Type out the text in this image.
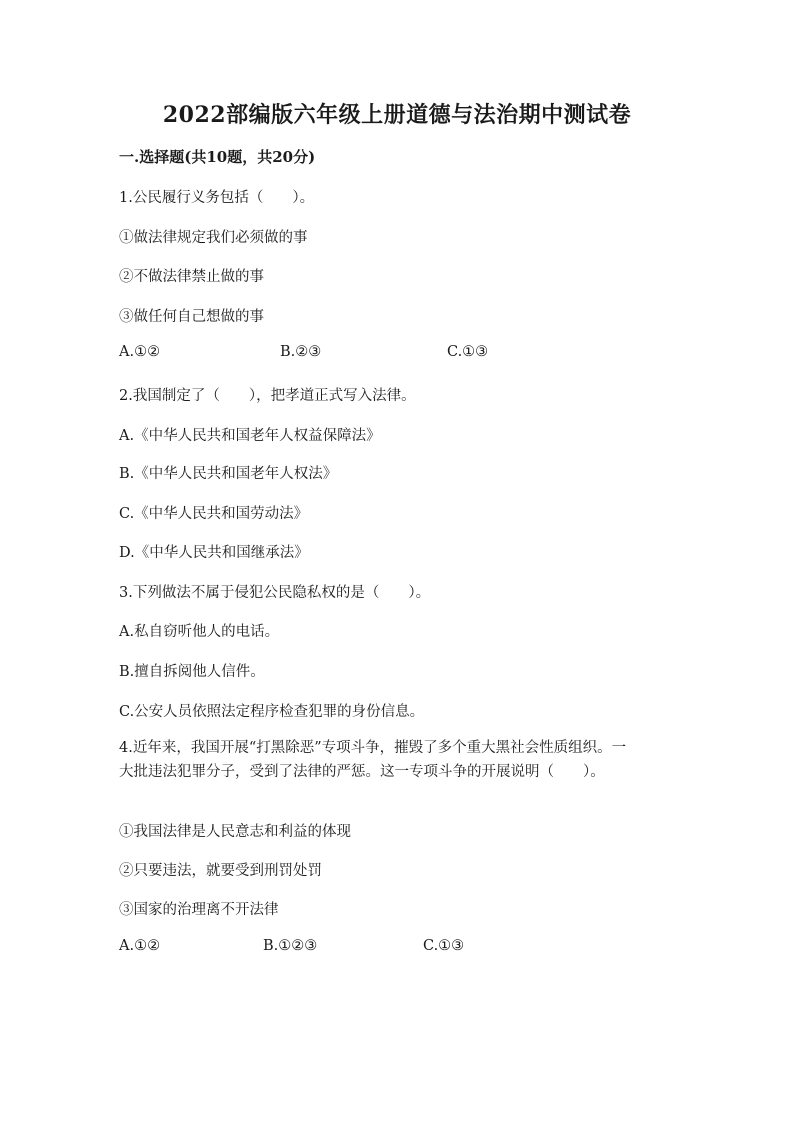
2022部编版六年级上册道德与法治期中测试卷
一.选择题(共10题，共20分)
1.公民履行义务包括（　　）。
①做法律规定我们必须做的事
②不做法律禁止做的事
③做任何自己想做的事
A.①②	B.②③	C.①③
2.我国制定了（　　），把孝道正式写入法律。
A.《中华人民共和国老年人权益保障法》
B.《中华人民共和国老年人权法》
C.《中华人民共和国劳动法》
D.《中华人民共和国继承法》
3.下列做法不属于侵犯公民隐私权的是（　　）。
A.私自窃听他人的电话。
B.擅自拆阅他人信件。
C.公安人员依照法定程序检查犯罪的身份信息。
4.近年来，我国开展“打黑除恶”专项斗争，摧毁了多个重大黑社会性质组织。一大批违法犯罪分子，受到了法律的严惩。这一专项斗争的开展说明（　　）。
①我国法律是人民意志和利益的体现
②只要违法，就要受到刑罚处罚
③国家的治理离不开法律
A.①②	B.①②③	C.①③
